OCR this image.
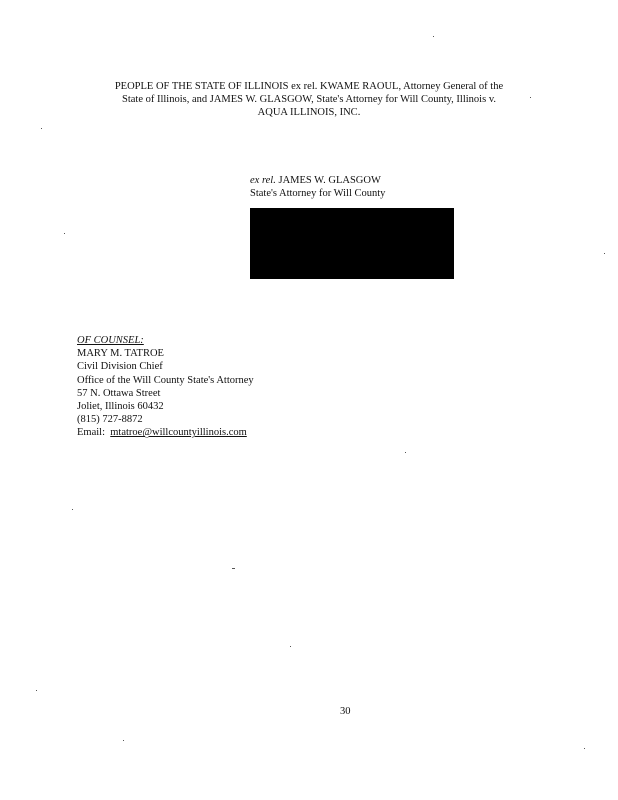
PEOPLE OF THE STATE OF ILLINOIS ex rel. KWAME RAOUL, Attorney General of the
State of Illinois, and JAMES W. GLASGOW, State's Attorney for Will County, Illinois v.
AQUA ILLINOIS, INC.
ex rel. JAMES W. GLASGOW
State's Attorney for Will County
OF COUNSEL:
MARY M. TATROE
Civil Division Chief
Office of the Will County State's Attorney
57 N. Ottawa Street
Joliet, Illinois 60432
(815) 727-8872
Email: mtatroe@willcountyillinois.com
30
